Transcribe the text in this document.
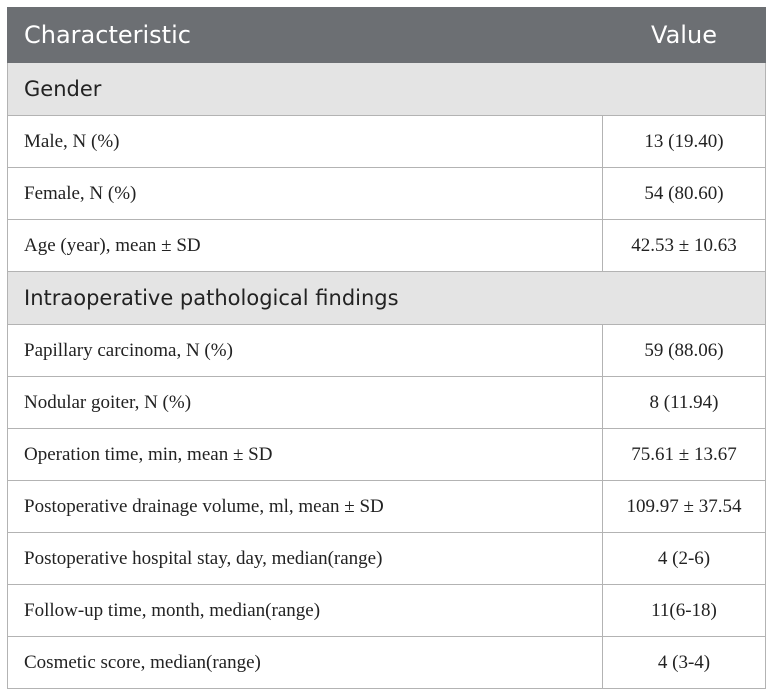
Characteristic	Value
Gender	
Male, N (%)	13 (19.40)
Female, N (%)	54 (80.60)
Age (year), mean ± SD	42.53 ± 10.63
Intraoperative pathological findings	
Papillary carcinoma, N (%)	59 (88.06)
Nodular goiter, N (%)	8 (11.94)
Operation time, min, mean ± SD	75.61 ± 13.67
Postoperative drainage volume, ml, mean ± SD	109.97 ± 37.54
Postoperative hospital stay, day, median(range)	4 (2-6)
Follow-up time, month, median(range)	11(6-18)
Cosmetic score, median(range)	4 (3-4)
